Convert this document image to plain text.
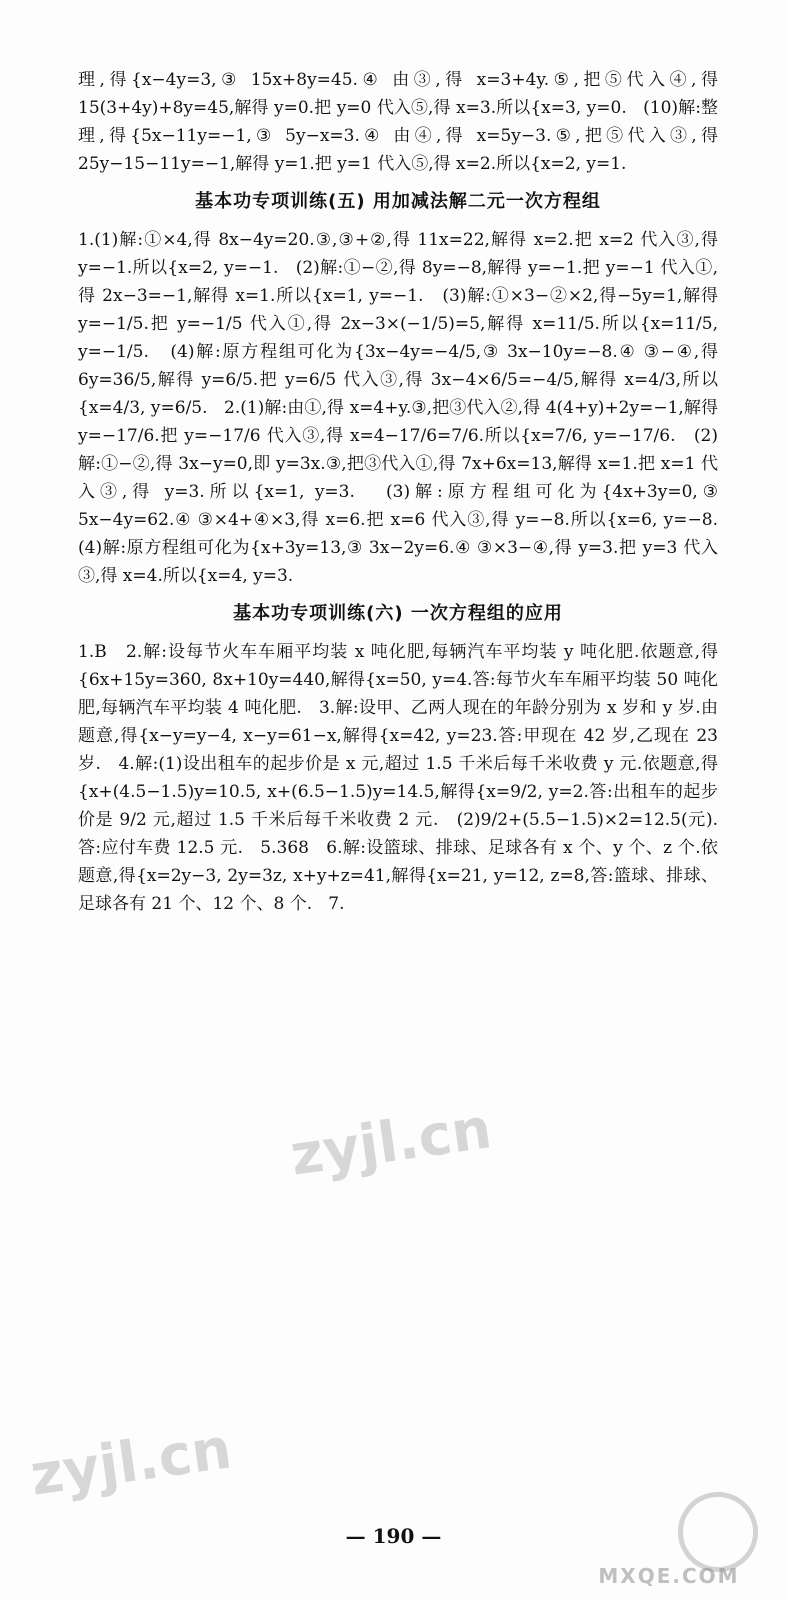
理,得{x−4y=3,③ 15x+8y=45.④ 由③,得 x=3+4y.⑤,把⑤代入④,得 15(3+4y)+8y=45,解得 y=0.把 y=0 代入⑤,得 x=3.所以{x=3, y=0.   (10)解:整理,得{5x−11y=−1,③ 5y−x=3.④ 由④,得 x=5y−3.⑤,把⑤代入③,得 25y−15−11y=−1,解得 y=1.把 y=1 代入⑤,得 x=2.所以{x=2, y=1.

基本功专项训练(五) 用加减法解二元一次方程组

1.(1)解:①×4,得 8x−4y=20.③,③+②,得 11x=22,解得 x=2.把 x=2 代入③,得 y=−1.所以{x=2, y=−1.   (2)解:①−②,得 8y=−8,解得 y=−1.把 y=−1 代入①,得 2x−3=−1,解得 x=1.所以{x=1, y=−1.   (3)解:①×3−②×2,得−5y=1,解得 y=−1/5.把 y=−1/5 代入①,得 2x−3×(−1/5)=5,解得 x=11/5.所以{x=11/5, y=−1/5.   (4)解:原方程组可化为{3x−4y=−4/5,③ 3x−10y=−8.④ ③−④,得 6y=36/5,解得 y=6/5.把 y=6/5 代入③,得 3x−4×6/5=−4/5,解得 x=4/3,所以{x=4/3, y=6/5.   2.(1)解:由①,得 x=4+y.③,把③代入②,得 4(4+y)+2y=−1,解得 y=−17/6.把 y=−17/6 代入③,得 x=4−17/6=7/6.所以{x=7/6, y=−17/6.   (2)解:①−②,得 3x−y=0,即 y=3x.③,把③代入①,得 7x+6x=13,解得 x=1.把 x=1 代入③,得 y=3.所以{x=1, y=3.   (3)解:原方程组可化为{4x+3y=0,③ 5x−4y=62.④ ③×4+④×3,得 x=6.把 x=6 代入③,得 y=−8.所以{x=6, y=−8.   (4)解:原方程组可化为{x+3y=13,③ 3x−2y=6.④ ③×3−④,得 y=3.把 y=3 代入③,得 x=4.所以{x=4, y=3.

基本功专项训练(六) 一次方程组的应用

1.B   2.解:设每节火车车厢平均装 x 吨化肥,每辆汽车平均装 y 吨化肥.依题意,得{6x+15y=360, 8x+10y=440,解得{x=50, y=4.答:每节火车车厢平均装 50 吨化肥,每辆汽车平均装 4 吨化肥.   3.解:设甲、乙两人现在的年龄分别为 x 岁和 y 岁.由题意,得{x−y=y−4, x−y=61−x,解得{x=42, y=23.答:甲现在 42 岁,乙现在 23 岁.   4.解:(1)设出租车的起步价是 x 元,超过 1.5 千米后每千米收费 y 元.依题意,得{x+(4.5−1.5)y=10.5, x+(6.5−1.5)y=14.5,解得{x=9/2, y=2.答:出租车的起步价是 9/2 元,超过 1.5 千米后每千米收费 2 元.   (2)9/2+(5.5−1.5)×2=12.5(元).答:应付车费 12.5 元.   5.368   6.解:设篮球、排球、足球各有 x 个、y 个、z 个.依题意,得{x=2y−3, 2y=3z, x+y+z=41,解得{x=21, y=12, z=8,答:篮球、排球、足球各有 21 个、12 个、8 个.   7.

zyjl.cn
zyjl.cn
— 190 —
MXQE.COM
